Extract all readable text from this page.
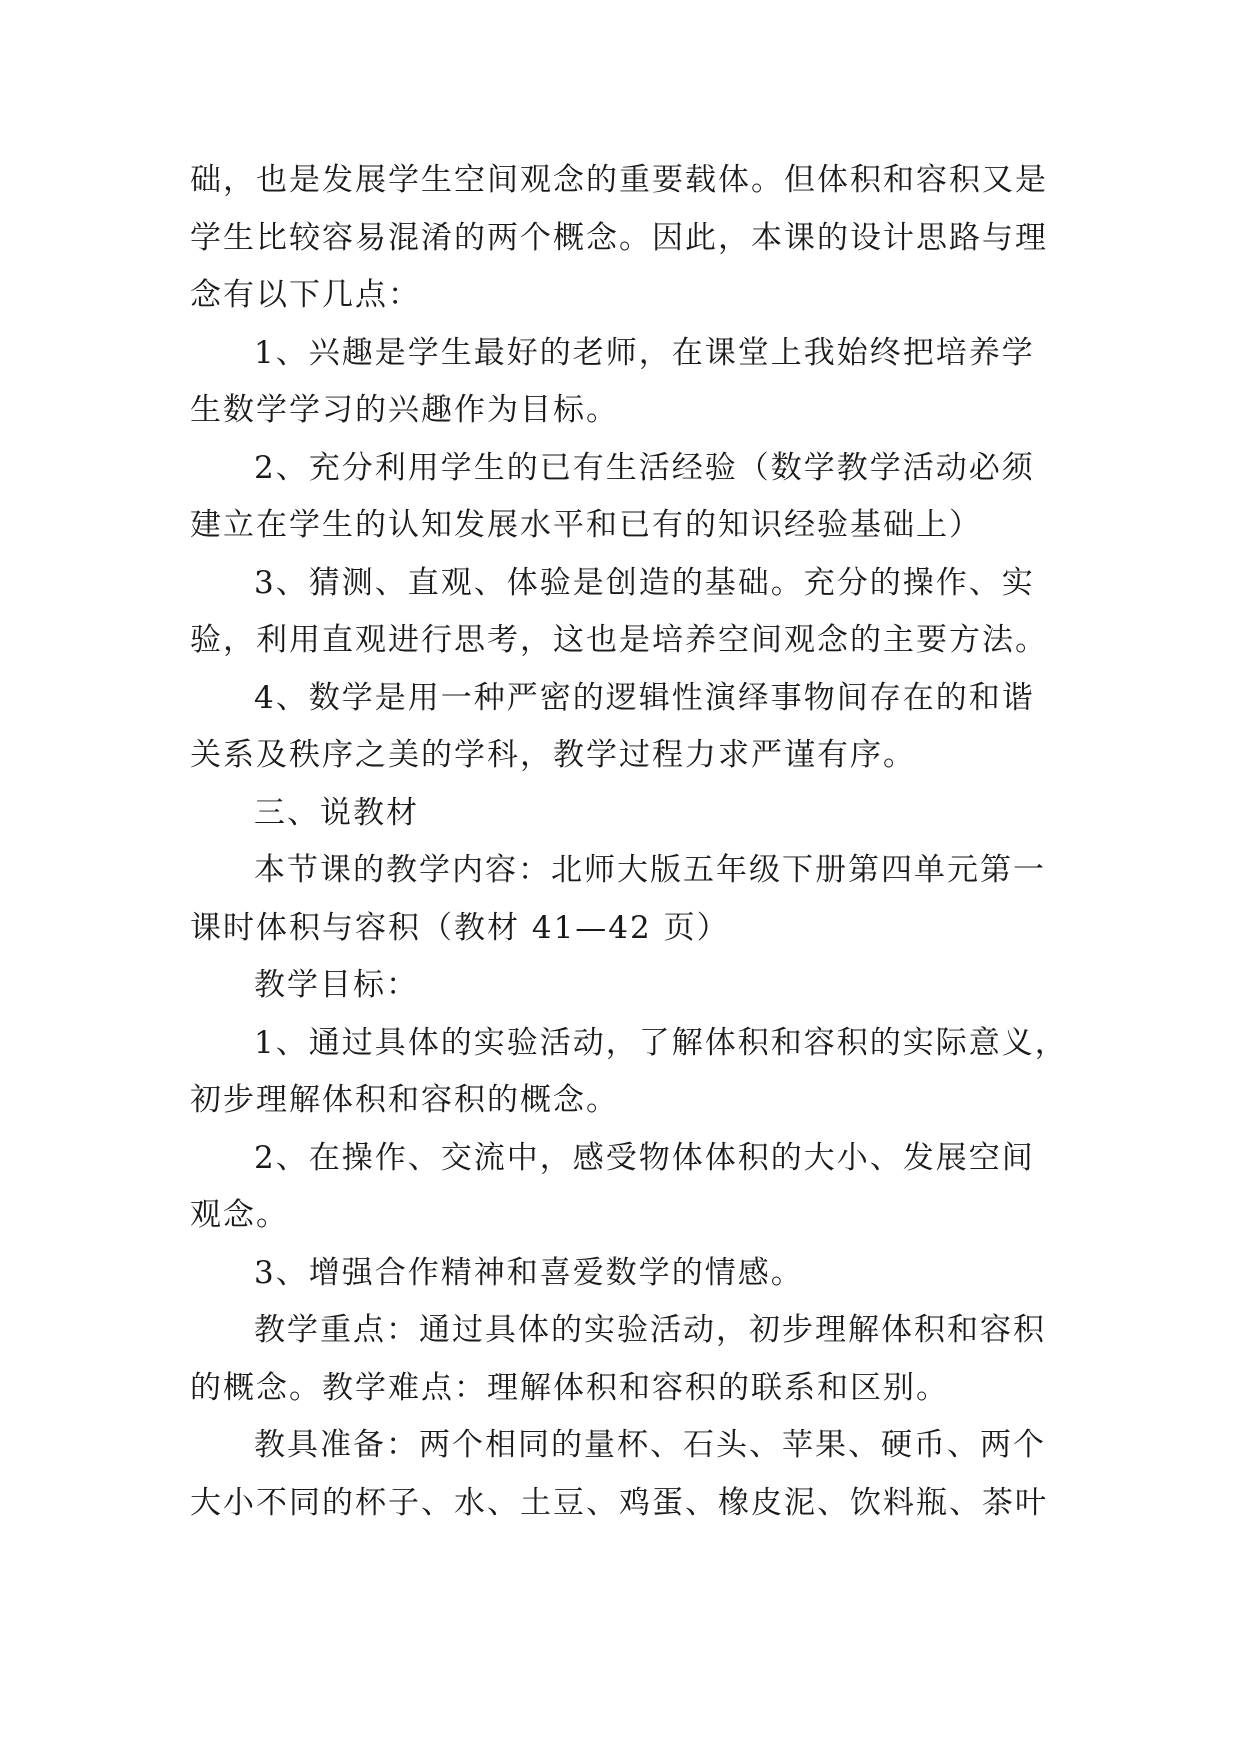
础，也是发展学生空间观念的重要载体。但体积和容积又是
学生比较容易混淆的两个概念。因此，本课的设计思路与理
念有以下几点：
1、兴趣是学生最好的老师，在课堂上我始终把培养学
生数学学习的兴趣作为目标。
2、充分利用学生的已有生活经验（数学教学活动必须
建立在学生的认知发展水平和已有的知识经验基础上）
3、猜测、直观、体验是创造的基础。充分的操作、实
验，利用直观进行思考，这也是培养空间观念的主要方法。
4、数学是用一种严密的逻辑性演绎事物间存在的和谐
关系及秩序之美的学科，教学过程力求严谨有序。
三、说教材
本节课的教学内容：北师大版五年级下册第四单元第一
课时体积与容积（教材 41—42 页）
教学目标：
1、通过具体的实验活动，了解体积和容积的实际意义，
初步理解体积和容积的概念。
2、在操作、交流中，感受物体体积的大小、发展空间
观念。
3、增强合作精神和喜爱数学的情感。
教学重点：通过具体的实验活动，初步理解体积和容积
的概念。教学难点：理解体积和容积的联系和区别。
教具准备：两个相同的量杯、石头、苹果、硬币、两个
大小不同的杯子、水、土豆、鸡蛋、橡皮泥、饮料瓶、茶叶
